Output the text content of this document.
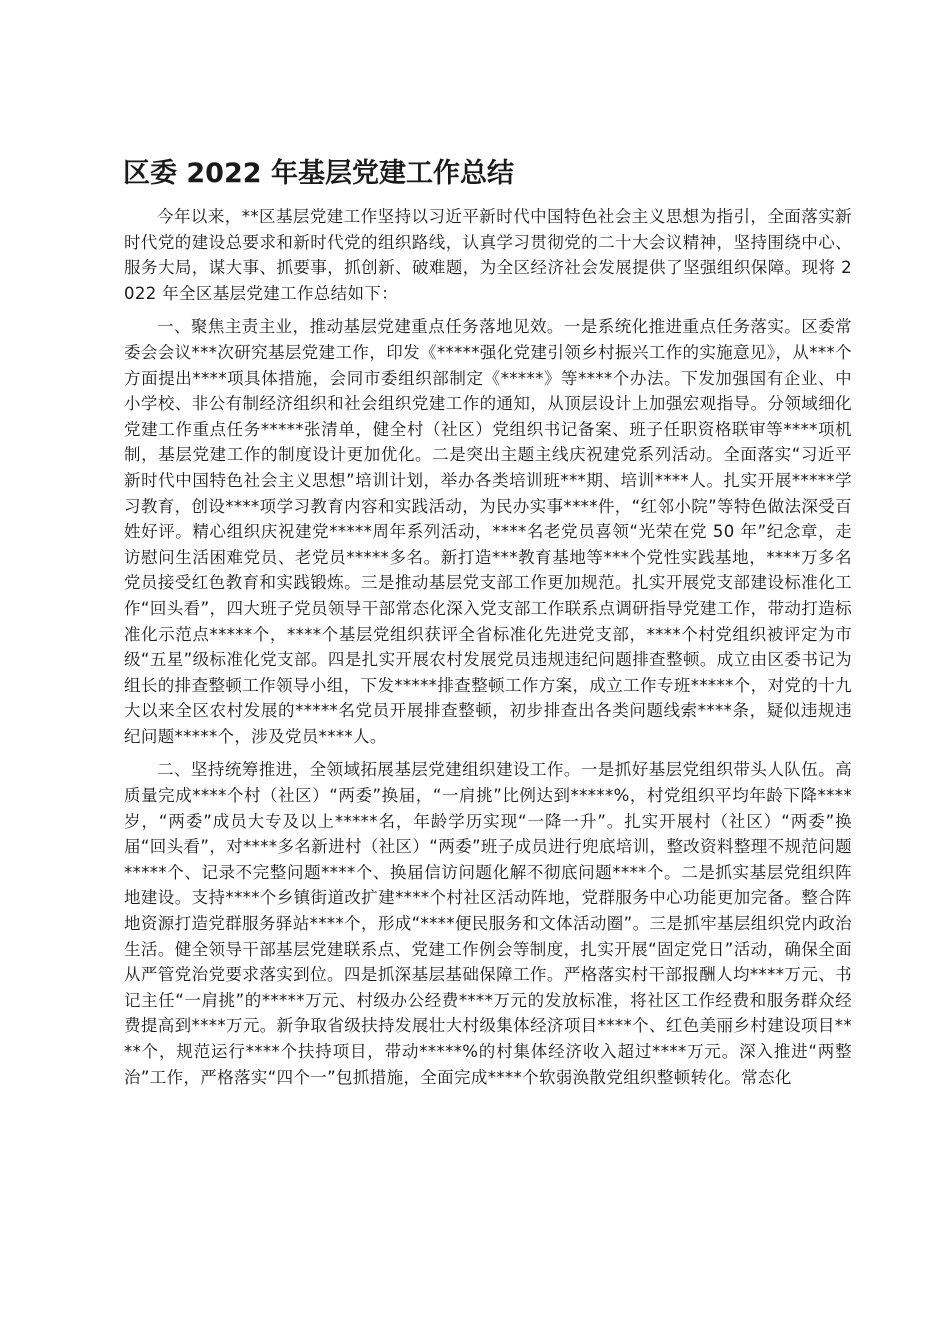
区委 2022 年基层党建工作总结

今年以来，**区基层党建工作坚持以习近平新时代中国特色社会主义思想为指引，全面落实新时代党的建设总要求和新时代党的组织路线，认真学习贯彻党的二十大会议精神，坚持围绕中心、服务大局，谋大事、抓要事，抓创新、破难题，为全区经济社会发展提供了坚强组织保障。现将 2022 年全区基层党建工作总结如下：

一、聚焦主责主业，推动基层党建重点任务落地见效。一是系统化推进重点任务落实。区委常委会会议***次研究基层党建工作，印发《*****强化党建引领乡村振兴工作的实施意见》，从***个方面提出****项具体措施，会同市委组织部制定《*****》等****个办法。下发加强国有企业、中小学校、非公有制经济组织和社会组织党建工作的通知，从顶层设计上加强宏观指导。分领域细化党建工作重点任务*****张清单，健全村（社区）党组织书记备案、班子任职资格联审等****项机制，基层党建工作的制度设计更加优化。二是突出主题主线庆祝建党系列活动。全面落实“习近平新时代中国特色社会主义思想”培训计划，举办各类培训班***期、培训****人。扎实开展*****学习教育，创设****项学习教育内容和实践活动，为民办实事****件，“红邻小院”等特色做法深受百姓好评。精心组织庆祝建党*****周年系列活动，****名老党员喜领“光荣在党 50 年”纪念章，走访慰问生活困难党员、老党员*****多名。新打造***教育基地等***个党性实践基地，****万多名党员接受红色教育和实践锻炼。三是推动基层党支部工作更加规范。扎实开展党支部建设标准化工作“回头看”，四大班子党员领导干部常态化深入党支部工作联系点调研指导党建工作，带动打造标准化示范点*****个，****个基层党组织获评全省标准化先进党支部，****个村党组织被评定为市级“五星”级标准化党支部。四是扎实开展农村发展党员违规违纪问题排查整顿。成立由区委书记为组长的排查整顿工作领导小组，下发*****排查整顿工作方案，成立工作专班*****个，对党的十九大以来全区农村发展的*****名党员开展排查整顿，初步排查出各类问题线索****条，疑似违规违纪问题*****个，涉及党员****人。

二、坚持统筹推进，全领域拓展基层党建组织建设工作。一是抓好基层党组织带头人队伍。高质量完成****个村（社区）“两委”换届，“一肩挑”比例达到*****%，村党组织平均年龄下降****岁，“两委”成员大专及以上*****名，年龄学历实现“一降一升”。扎实开展村（社区）“两委”换届“回头看”，对****多名新进村（社区）“两委”班子成员进行兜底培训，整改资料整理不规范问题*****个、记录不完整问题****个、换届信访问题化解不彻底问题****个。二是抓实基层党组织阵地建设。支持****个乡镇街道改扩建****个村社区活动阵地，党群服务中心功能更加完备。整合阵地资源打造党群服务驿站****个，形成“****便民服务和文体活动圈”。三是抓牢基层组织党内政治生活。健全领导干部基层党建联系点、党建工作例会等制度，扎实开展“固定党日”活动，确保全面从严管党治党要求落实到位。四是抓深基层基础保障工作。严格落实村干部报酬人均****万元、书记主任“一肩挑”的*****万元、村级办公经费****万元的发放标准，将社区工作经费和服务群众经费提高到****万元。新争取省级扶持发展壮大村级集体经济项目****个、红色美丽乡村建设项目****个，规范运行****个扶持项目，带动*****%的村集体经济收入超过****万元。深入推进“两整治”工作，严格落实“四个一”包抓措施，全面完成****个软弱涣散党组织整顿转化。常态化
